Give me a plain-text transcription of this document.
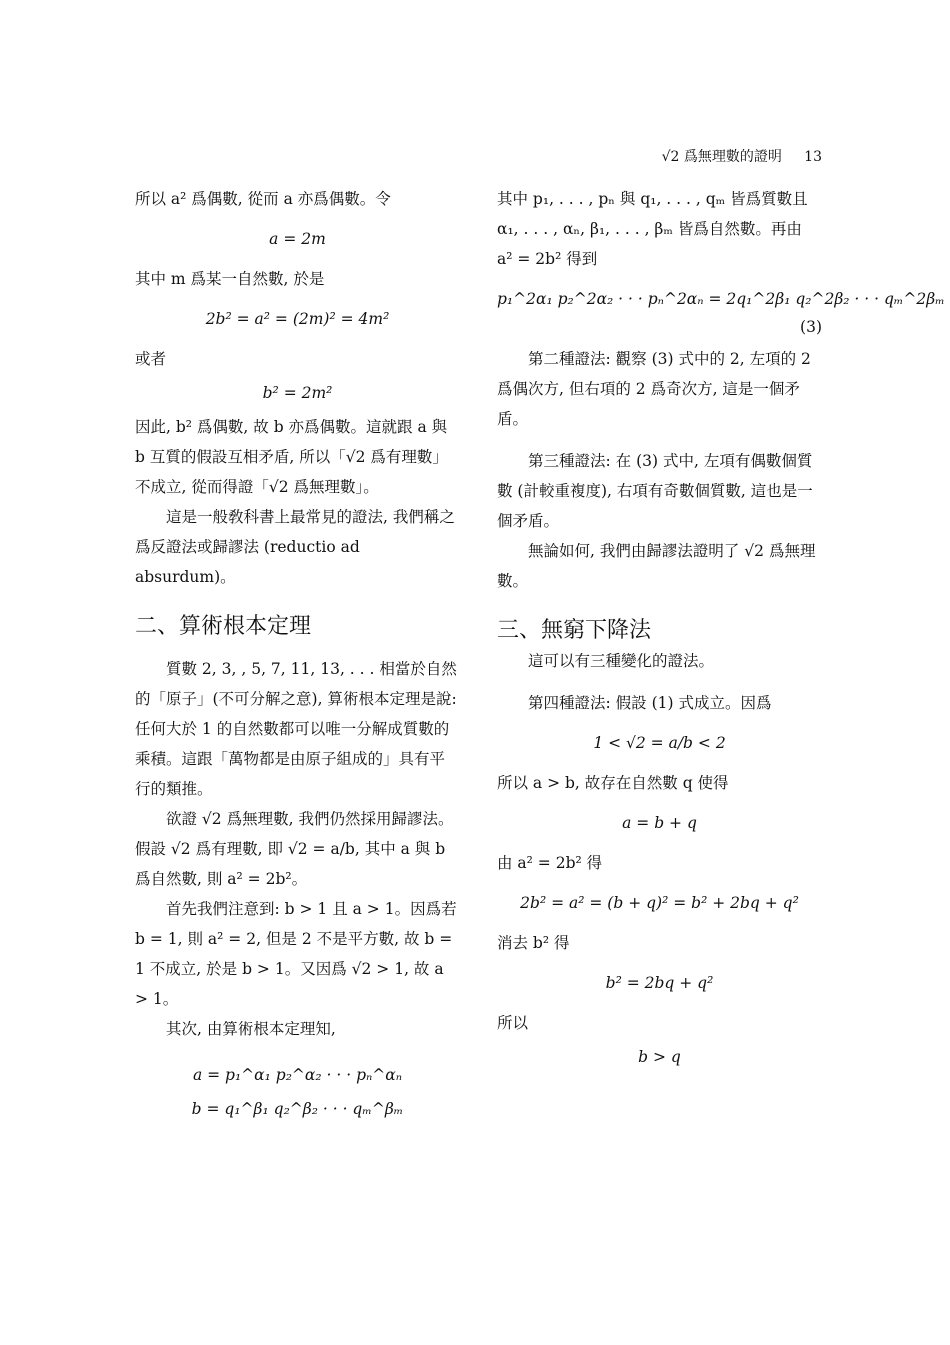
√2 爲無理數的證明 13

所以 a² 爲偶數, 從而 a 亦爲偶數。令

a = 2m

其中 m 爲某一自然數, 於是

2b² = a² = (2m)² = 4m²

或者

b² = 2m²

因此, b² 爲偶數, 故 b 亦爲偶數。這就跟 a 與 b 互質的假設互相矛盾, 所以「√2 爲有理數」不成立, 從而得證「√2 爲無理數」。

這是一般敎科書上最常見的證法, 我們稱之爲反證法或歸謬法 (reductio ad absurdum)。

二、算術根本定理

質數 2, 3, , 5, 7, 11, 13, . . . 相當於自然的「原子」(不可分解之意), 算術根本定理是說: 任何大於 1 的自然數都可以唯一分解成質數的乘積。這跟「萬物都是由原子組成的」具有平行的類推。

欲證 √2 爲無理數, 我們仍然採用歸謬法。假設 √2 爲有理數, 即 √2 = a/b, 其中 a 與 b 爲自然數, 則 a² = 2b²。

首先我們注意到: b > 1 且 a > 1。因爲若 b = 1, 則 a² = 2, 但是 2 不是平方數, 故 b = 1 不成立, 於是 b > 1。又因爲 √2 > 1, 故 a > 1。

其次, 由算術根本定理知,

a = p₁^α₁ p₂^α₂ · · · pₙ^αₙ
b = q₁^β₁ q₂^β₂ · · · qₘ^βₘ

其中 p₁, . . . , pₙ 與 q₁, . . . , qₘ 皆爲質數且 α₁, . . . , αₙ, β₁, . . . , βₘ 皆爲自然數。再由 a² = 2b² 得到

p₁^2α₁ p₂^2α₂ · · · pₙ^2αₙ = 2q₁^2β₁ q₂^2β₂ · · · qₘ^2βₘ
(3)

第二種證法: 觀察 (3) 式中的 2, 左項的 2 爲偶次方, 但右項的 2 爲奇次方, 這是一個矛盾。

第三種證法: 在 (3) 式中, 左項有偶數個質數 (計較重複度), 右項有奇數個質數, 這也是一個矛盾。

無論如何, 我們由歸謬法證明了 √2 爲無理數。

三、無窮下降法

這可以有三種變化的證法。

第四種證法: 假設 (1) 式成立。因爲

1 < √2 = a/b < 2

所以 a > b, 故存在自然數 q 使得

a = b + q

由 a² = 2b² 得

2b² = a² = (b + q)² = b² + 2bq + q²

消去 b² 得

b² = 2bq + q²

所以

b > q
